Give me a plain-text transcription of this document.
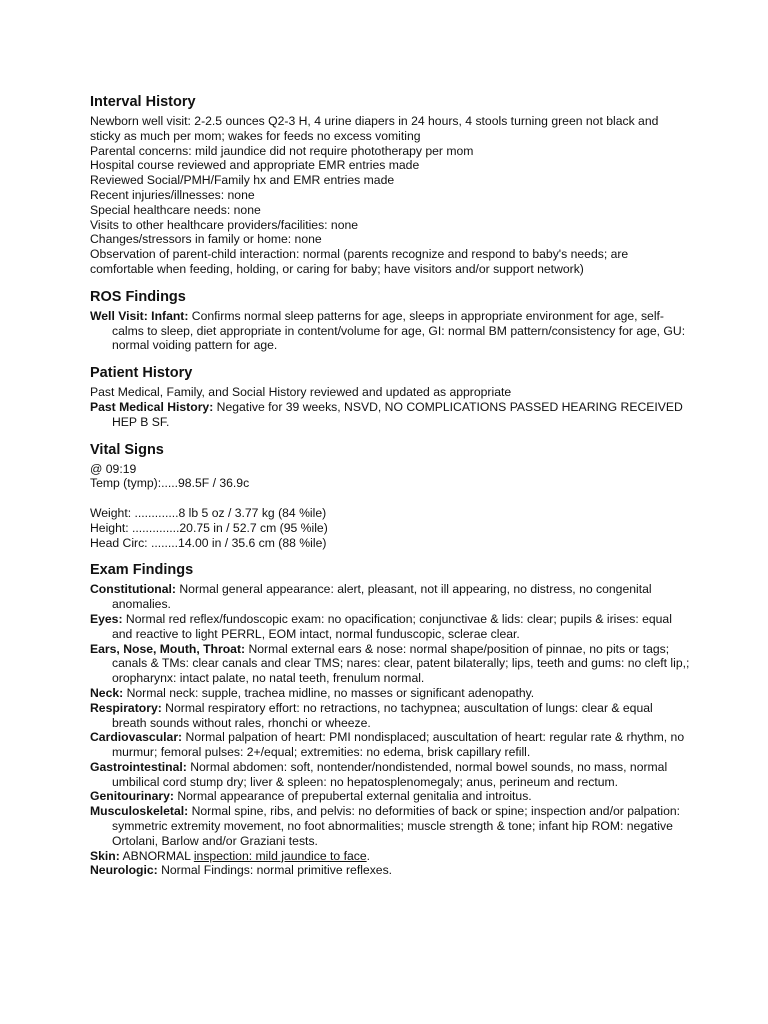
Interval History

Newborn well visit: 2-2.5 ounces Q2-3 H, 4 urine diapers in 24 hours, 4 stools turning green not black and sticky as much per mom; wakes for feeds no excess vomiting

Parental concerns: mild jaundice did not require phototherapy per mom

Hospital course reviewed and appropriate EMR entries made

Reviewed Social/PMH/Family hx and EMR entries made

Recent injuries/illnesses: none

Special healthcare needs: none

Visits to other healthcare providers/facilities: none

Changes/stressors in family or home: none

Observation of parent-child interaction: normal (parents recognize and respond to baby's needs; are comfortable when feeding, holding, or caring for baby; have visitors and/or support network)

ROS Findings

Well Visit: Infant: Confirms normal sleep patterns for age, sleeps in appropriate environment for age, self-calms to sleep, diet appropriate in content/volume for age, GI: normal BM pattern/consistency for age, GU: normal voiding pattern for age.

Patient History

Past Medical, Family, and Social History reviewed and updated as appropriate

Past Medical History: Negative for 39 weeks, NSVD, NO COMPLICATIONS PASSED HEARING RECEIVED HEP B SF.

Vital Signs

@ 09:19

Temp (tymp):.....98.5F / 36.9c

Weight: .............8 lb 5 oz / 3.77 kg (84 %ile)

Height: ..............20.75 in / 52.7 cm (95 %ile)

Head Circ: ........14.00 in / 35.6 cm (88 %ile)

Exam Findings

Constitutional: Normal general appearance: alert, pleasant, not ill appearing, no distress, no congenital anomalies.

Eyes: Normal red reflex/fundoscopic exam: no opacification; conjunctivae & lids: clear; pupils & irises: equal and reactive to light PERRL, EOM intact, normal funduscopic, sclerae clear.

Ears, Nose, Mouth, Throat: Normal external ears & nose: normal shape/position of pinnae, no pits or tags; canals & TMs: clear canals and clear TMS; nares: clear, patent bilaterally; lips, teeth and gums: no cleft lip,; oropharynx: intact palate, no natal teeth, frenulum normal.

Neck: Normal neck: supple, trachea midline, no masses or significant adenopathy.

Respiratory: Normal respiratory effort: no retractions, no tachypnea; auscultation of lungs: clear & equal breath sounds without rales, rhonchi or wheeze.

Cardiovascular: Normal palpation of heart: PMI nondisplaced; auscultation of heart: regular rate & rhythm, no murmur; femoral pulses: 2+/equal; extremities: no edema, brisk capillary refill.

Gastrointestinal: Normal abdomen: soft, nontender/nondistended, normal bowel sounds, no mass, normal umbilical cord stump dry; liver & spleen: no hepatosplenomegaly; anus, perineum and rectum.

Genitourinary: Normal appearance of prepubertal external genitalia and introitus.

Musculoskeletal: Normal spine, ribs, and pelvis: no deformities of back or spine; inspection and/or palpation: symmetric extremity movement, no foot abnormalities; muscle strength & tone; infant hip ROM: negative Ortolani, Barlow and/or Graziani tests.

Skin: ABNORMAL inspection: mild jaundice to face.

Neurologic: Normal Findings: normal primitive reflexes.
